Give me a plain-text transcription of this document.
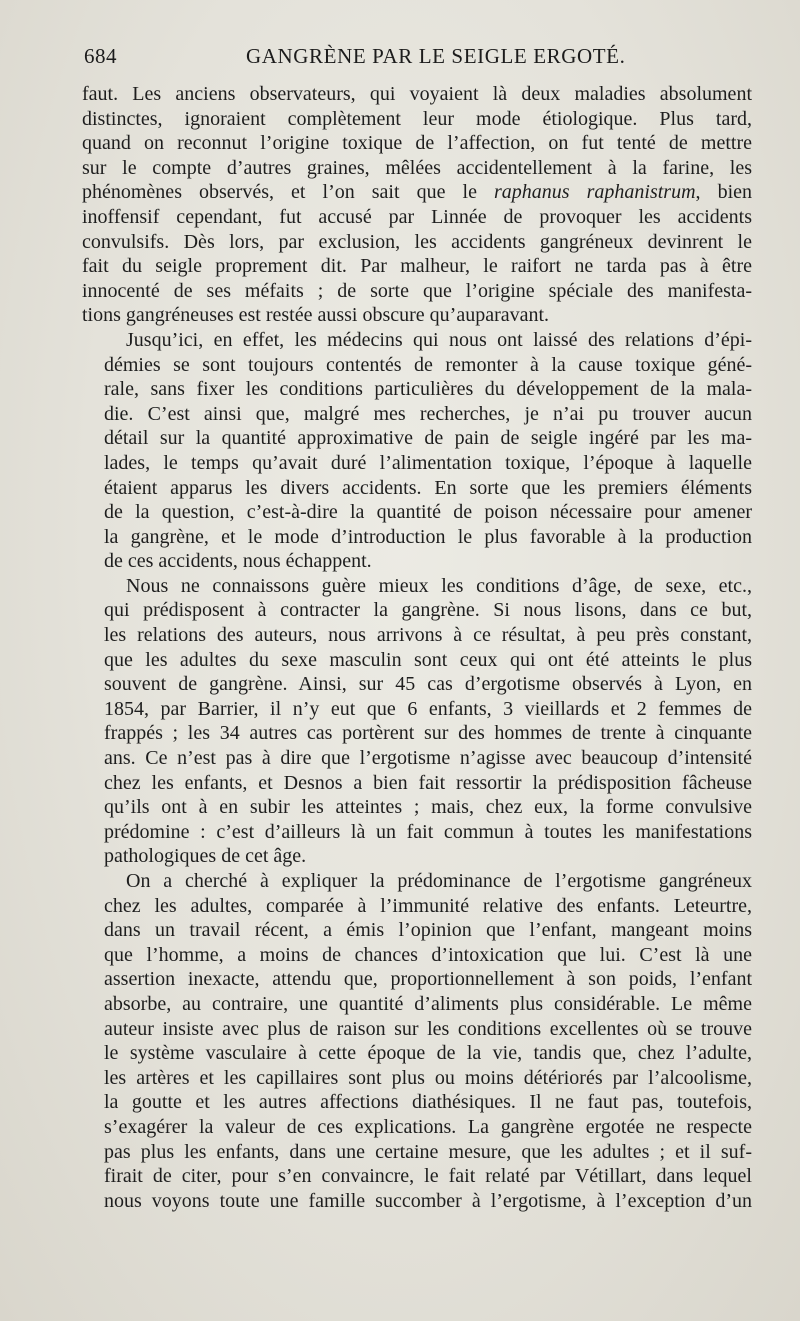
684	GANGRÈNE PAR LE SEIGLE ERGOTÉ.
faut. Les anciens observateurs, qui voyaient là deux maladies absolument
distinctes, ignoraient complètement leur mode étiologique. Plus tard,
quand on reconnut l’origine toxique de l’affection, on fut tenté de mettre
sur le compte d’autres graines, mêlées accidentellement à la farine, les
phénomènes observés, et l’on sait que le raphanus raphanistrum, bien
inoffensif cependant, fut accusé par Linnée de provoquer les accidents
convulsifs. Dès lors, par exclusion, les accidents gangréneux devinrent le
fait du seigle proprement dit. Par malheur, le raifort ne tarda pas à être
innocenté de ses méfaits ; de sorte que l’origine spéciale des manifesta-
tions gangréneuses est restée aussi obscure qu’auparavant.
Jusqu’ici, en effet, les médecins qui nous ont laissé des relations d’épi-
démies se sont toujours contentés de remonter à la cause toxique géné-
rale, sans fixer les conditions particulières du développement de la mala-
die. C’est ainsi que, malgré mes recherches, je n’ai pu trouver aucun
détail sur la quantité approximative de pain de seigle ingéré par les ma-
lades, le temps qu’avait duré l’alimentation toxique, l’époque à laquelle
étaient apparus les divers accidents. En sorte que les premiers éléments
de la question, c’est-à-dire la quantité de poison nécessaire pour amener
la gangrène, et le mode d’introduction le plus favorable à la production
de ces accidents, nous échappent.
Nous ne connaissons guère mieux les conditions d’âge, de sexe, etc.,
qui prédisposent à contracter la gangrène. Si nous lisons, dans ce but,
les relations des auteurs, nous arrivons à ce résultat, à peu près constant,
que les adultes du sexe masculin sont ceux qui ont été atteints le plus
souvent de gangrène. Ainsi, sur 45 cas d’ergotisme observés à Lyon, en
1854, par Barrier, il n’y eut que 6 enfants, 3 vieillards et 2 femmes de
frappés ; les 34 autres cas portèrent sur des hommes de trente à cinquante
ans. Ce n’est pas à dire que l’ergotisme n’agisse avec beaucoup d’intensité
chez les enfants, et Desnos a bien fait ressortir la prédisposition fâcheuse
qu’ils ont à en subir les atteintes ; mais, chez eux, la forme convulsive
prédomine : c’est d’ailleurs là un fait commun à toutes les manifestations
pathologiques de cet âge.
On a cherché à expliquer la prédominance de l’ergotisme gangréneux
chez les adultes, comparée à l’immunité relative des enfants. Leteurtre,
dans un travail récent, a émis l’opinion que l’enfant, mangeant moins
que l’homme, a moins de chances d’intoxication que lui. C’est là une
assertion inexacte, attendu que, proportionnellement à son poids, l’enfant
absorbe, au contraire, une quantité d’aliments plus considérable. Le même
auteur insiste avec plus de raison sur les conditions excellentes où se trouve
le système vasculaire à cette époque de la vie, tandis que, chez l’adulte,
les artères et les capillaires sont plus ou moins détériorés par l’alcoolisme,
la goutte et les autres affections diathésiques. Il ne faut pas, toutefois,
s’exagérer la valeur de ces explications. La gangrène ergotée ne respecte
pas plus les enfants, dans une certaine mesure, que les adultes ; et il suf-
firait de citer, pour s’en convaincre, le fait relaté par Vétillart, dans lequel
nous voyons toute une famille succomber à l’ergotisme, à l’exception d’un
